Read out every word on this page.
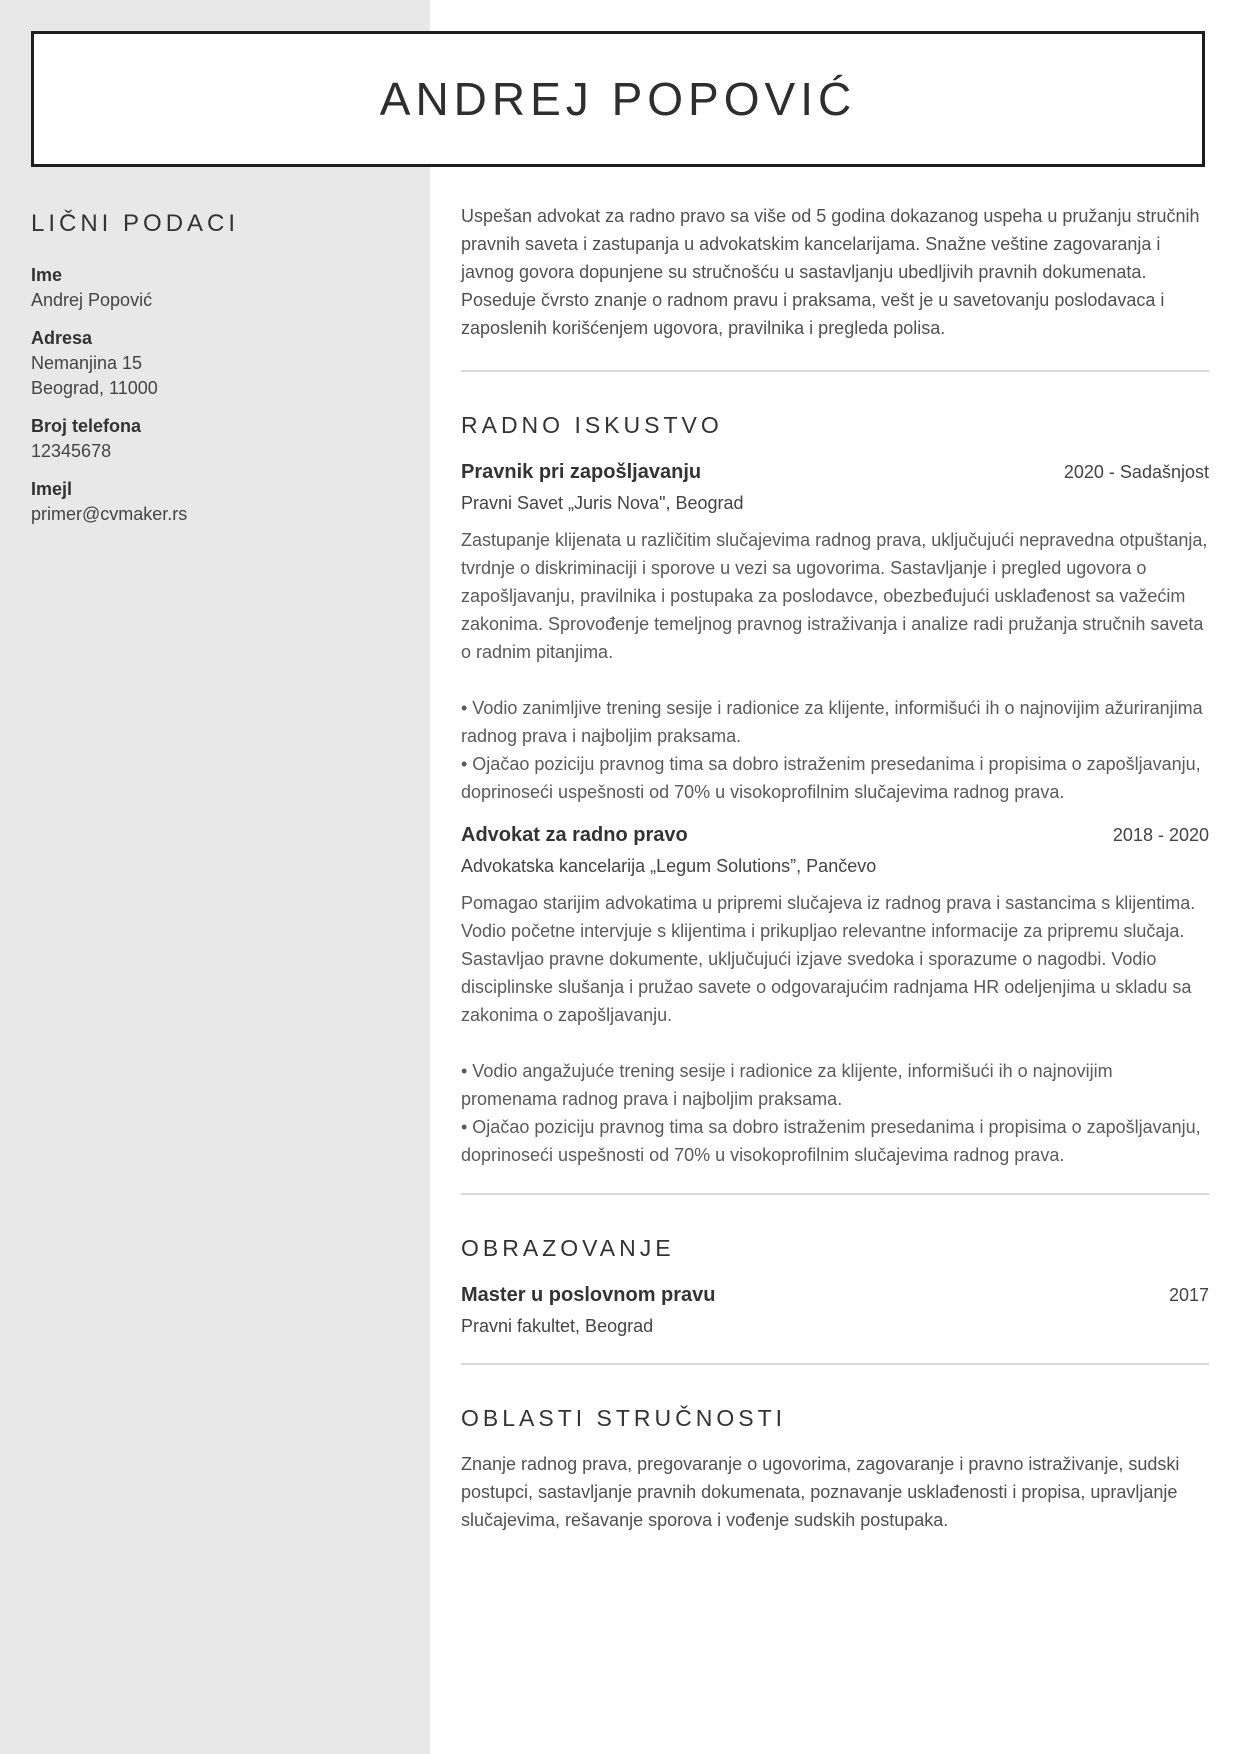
ANDREJ POPOVIĆ
LIČNI PODACI
Ime
Andrej Popović
Adresa
Nemanjina 15
Beograd, 11000
Broj telefona
12345678
Imejl
primer@cvmaker.rs

Uspešan advokat za radno pravo sa više od 5 godina dokazanog uspeha u pružanju stručnih pravnih saveta i zastupanja u advokatskim kancelarijama. Snažne veštine zagovaranja i javnog govora dopunjene su stručnošću u sastavljanju ubedljivih pravnih dokumenata. Poseduje čvrsto znanje o radnom pravu i praksama, vešt je u savetovanju poslodavaca i zaposlenih korišćenjem ugovora, pravilnika i pregleda polisa.

RADNO ISKUSTVO
Pravnik pri zapošljavanju	2020 - Sadašnjost
Pravni Savet „Juris Nova", Beograd

Zastupanje klijenata u različitim slučajevima radnog prava, uključujući nepravedna otpuštanja, tvrdnje o diskriminaciji i sporove u vezi sa ugovorima. Sastavljanje i pregled ugovora o zapošljavanju, pravilnika i postupaka za poslodavce, obezbeđujući usklađenost sa važećim zakonima. Sprovođenje temeljnog pravnog istraživanja i analize radi pružanja stručnih saveta o radnim pitanjima.

• Vodio zanimljive trening sesije i radionice za klijente, informišući ih o najnovijim ažuriranjima radnog prava i najboljim praksama.

• Ojačao poziciju pravnog tima sa dobro istraženim presedanima i propisima o zapošljavanju, doprinoseći uspešnosti od 70% u visokoprofilnim slučajevima radnog prava.

Advokat za radno pravo	2018 - 2020
Advokatska kancelarija „Legum Solutions”, Pančevo

Pomagao starijim advokatima u pripremi slučajeva iz radnog prava i sastancima s klijentima. Vodio početne intervjuje s klijentima i prikupljao relevantne informacije za pripremu slučaja. Sastavljao pravne dokumente, uključujući izjave svedoka i sporazume o nagodbi. Vodio disciplinske slušanja i pružao savete o odgovarajućim radnjama HR odeljenjima u skladu sa zakonima o zapošljavanju.

• Vodio angažujuće trening sesije i radionice za klijente, informišući ih o najnovijim promenama radnog prava i najboljim praksama.

• Ojačao poziciju pravnog tima sa dobro istraženim presedanima i propisima o zapošljavanju, doprinoseći uspešnosti od 70% u visokoprofilnim slučajevima radnog prava.

OBRAZOVANJE
Master u poslovnom pravu	2017
Pravni fakultet, Beograd
OBLASTI STRUČNOSTI

Znanje radnog prava, pregovaranje o ugovorima, zagovaranje i pravno istraživanje, sudski postupci, sastavljanje pravnih dokumenata, poznavanje usklađenosti i propisa, upravljanje slučajevima, rešavanje sporova i vođenje sudskih postupaka.
